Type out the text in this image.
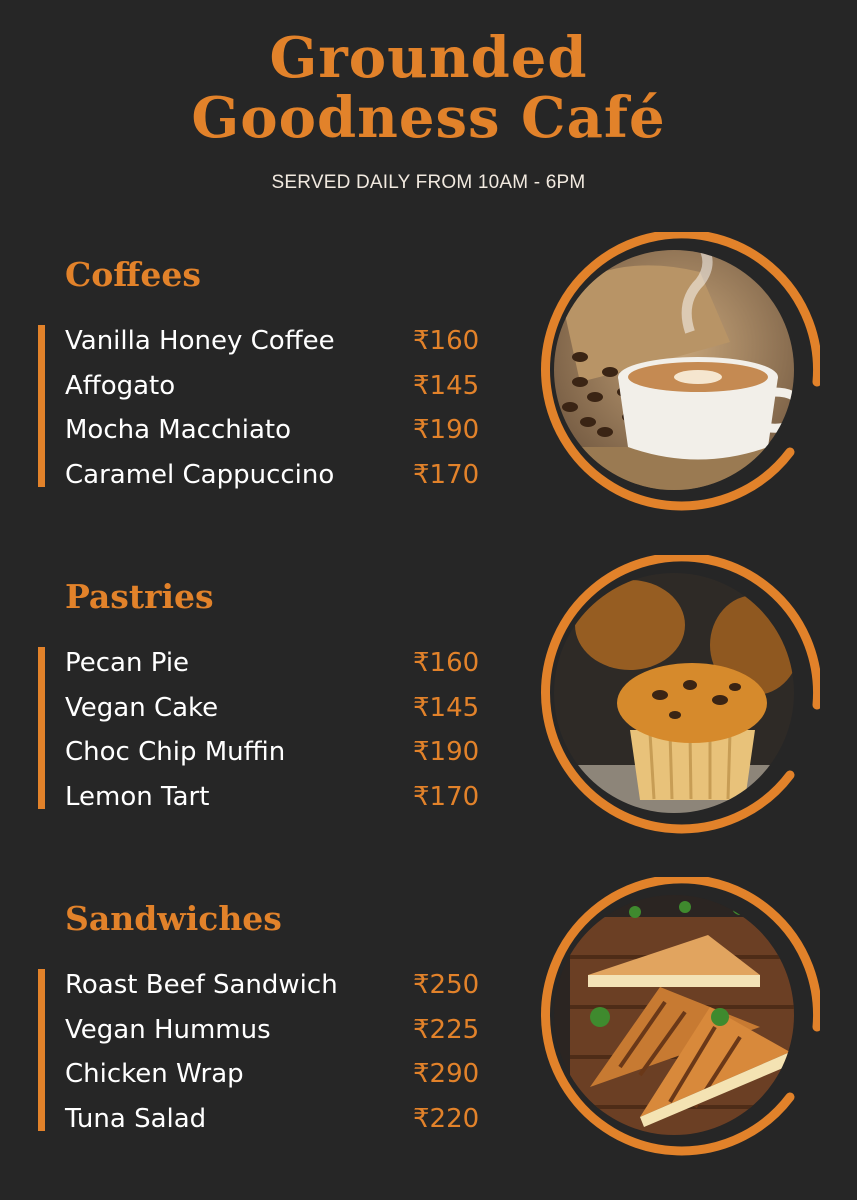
Grounded
Goodness Café
SERVED DAILY FROM 10AM - 6PM
Coffees
Vanilla Honey Coffee	₹160
Affogato	₹145
Mocha Macchiato	₹190
Caramel Cappuccino	₹170
Pastries
Pecan Pie	₹160
Vegan Cake	₹145
Choc Chip Muffin	₹190
Lemon Tart	₹170
Sandwiches
Roast Beef Sandwich	₹250
Vegan Hummus	₹225
Chicken Wrap	₹290
Tuna Salad	₹220
